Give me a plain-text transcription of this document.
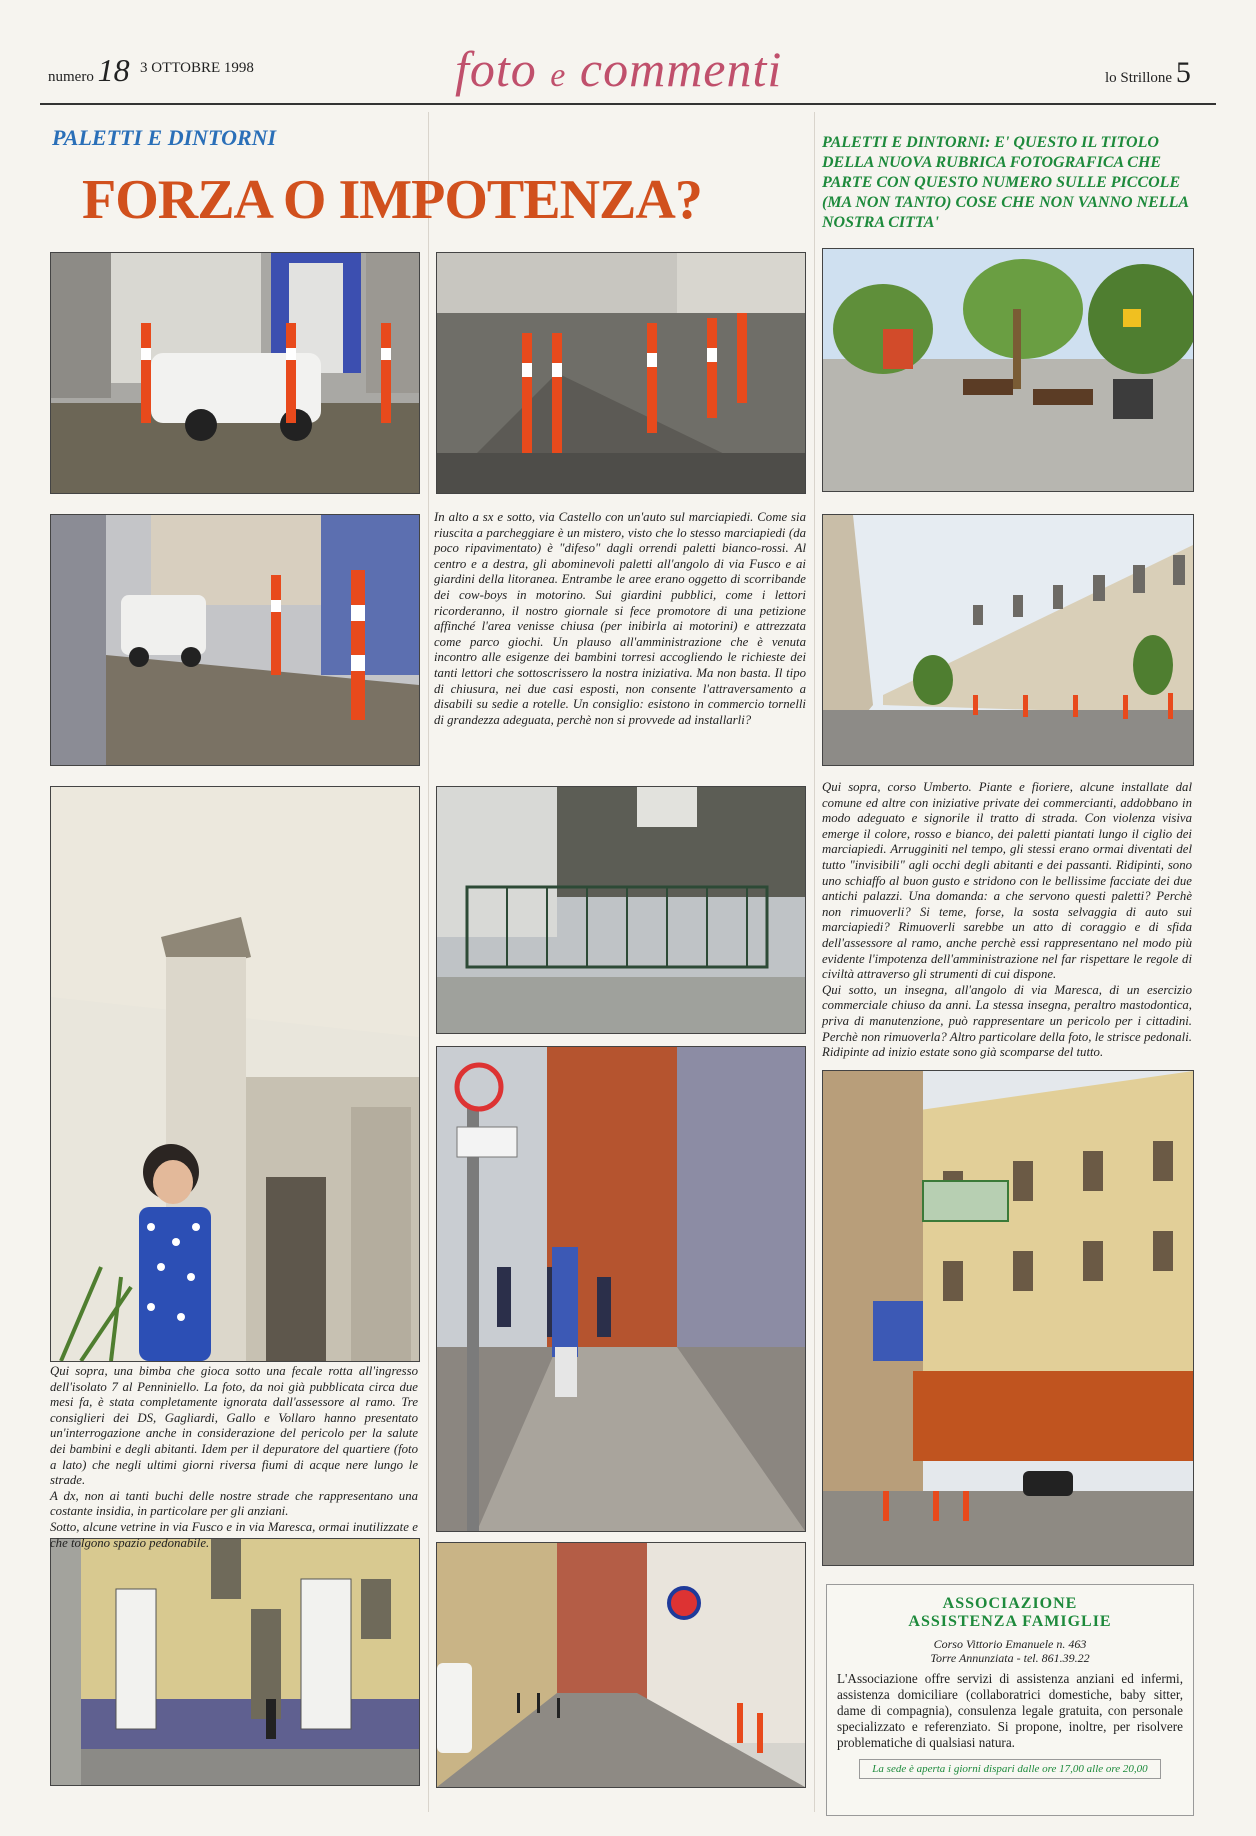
numero 18 3 OTTOBRE 1998	foto e commenti	lo Strillone 5
PALETTI E DINTORNI
FORZA O IMPOTENZA?
PALETTI E DINTORNI: E' QUESTO IL TITOLO DELLA NUOVA RUBRICA FOTOGRAFICA CHE PARTE CON QUESTO NUMERO SULLE PICCOLE (MA NON TANTO) COSE CHE NON VANNO NELLA NOSTRA CITTA'
In alto a sx e sotto, via Castello con un'auto sul marciapiedi. Come sia riuscita a parcheggiare è un mistero, visto che lo stesso marciapiedi (da poco ripavimentato) è "difeso" dagli orrendi paletti bianco-rossi. Al centro e a destra, gli abominevoli paletti all'angolo di via Fusco e ai giardini della litoranea. Entrambe le aree erano oggetto di scorribande dei cow-boys in motorino. Sui giardini pubblici, come i lettori ricorderanno, il nostro giornale si fece promotore di una petizione affinché l'area venisse chiusa (per inibirla ai motorini) e attrezzata come parco giochi. Un plauso all'amministrazione che è venuta incontro alle esigenze dei bambini torresi accogliendo le richieste dei tanti lettori che sottoscrissero la nostra iniziativa. Ma non basta. Il tipo di chiusura, nei due casi esposti, non consente l'attraversamento a disabili su sedie a rotelle. Un consiglio: esistono in commercio tornelli di grandezza adeguata, perchè non si provvede ad installarli?
Qui sopra, corso Umberto. Piante e fioriere, alcune installate dal comune ed altre con iniziative private dei commercianti, addobbano in modo adeguato e signorile il tratto di strada. Con violenza visiva emerge il colore, rosso e bianco, dei paletti piantati lungo il ciglio dei marciapiedi. Arrugginiti nel tempo, gli stessi erano ormai diventati del tutto "invisibili" agli occhi degli abitanti e dei passanti. Ridipinti, sono uno schiaffo al buon gusto e stridono con le bellissime facciate dei due antichi palazzi. Una domanda: a che servono questi paletti? Perchè non rimuoverli? Si teme, forse, la sosta selvaggia di auto sui marciapiedi? Rimuoverli sarebbe un atto di coraggio e di sfida dell'assessore al ramo, anche perchè essi rappresentano nel modo più evidente l'impotenza dell'amministrazione nel far rispettare le regole di civiltà attraverso gli strumenti di cui dispone.
Qui sotto, un insegna, all'angolo di via Maresca, di un esercizio commerciale chiuso da anni. La stessa insegna, peraltro mastodontica, priva di manutenzione, può rappresentare un pericolo per i cittadini. Perchè non rimuoverla? Altro particolare della foto, le strisce pedonali. Ridipinte ad inizio estate sono già scomparse del tutto.
Qui sopra, una bimba che gioca sotto una fecale rotta all'ingresso dell'isolato 7 al Penniniello. La foto, da noi già pubblicata circa due mesi fa, è stata completamente ignorata dall'assessore al ramo. Tre consiglieri dei DS, Gagliardi, Gallo e Vollaro hanno presentato un'interrogazione anche in considerazione del pericolo per la salute dei bambini e degli abitanti. Idem per il depuratore del quartiere (foto a lato) che negli ultimi giorni riversa fiumi di acque nere lungo le strade.
A dx, non ai tanti buchi delle nostre strade che rappresentano una costante insidia, in particolare per gli anziani.
Sotto, alcune vetrine in via Fusco e in via Maresca, ormai inutilizzate e che tolgono spazio pedonabile.
ASSOCIAZIONE
ASSISTENZA FAMIGLIE
Corso Vittorio Emanuele n. 463
Torre Annunziata - tel. 861.39.22
L'Associazione offre servizi di assistenza anziani ed infermi, assistenza domiciliare (collaboratrici domestiche, baby sitter, dame di compagnia), consulenza legale gratuita, con personale specializzato e referenziato. Si propone, inoltre, per risolvere problematiche di qualsiasi natura.
La sede è aperta i giorni dispari dalle ore 17,00 alle ore 20,00
